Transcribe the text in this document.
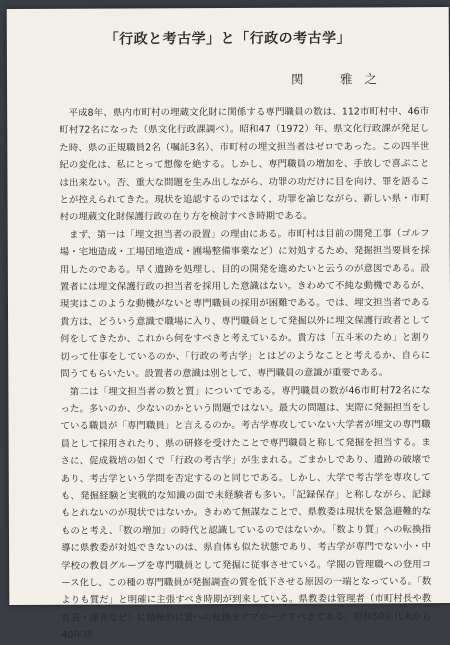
「行政と考古学」と「行政の考古学」
関　雅之

平成8年、県内市町村の埋蔵文化財に関係する専門職員の数は、112市町村中、46市町村72名になった（県文化行政課調べ）。昭和47（1972）年、県文化行政課が発足した時、県の正規職員2名（嘱託3名）、市町村の埋文担当者はゼロであった。この四半世紀の変化は、私にとって想像を絶する。しかし、専門職員の増加を、手放しで喜ぶことは出来ない。否、重大な問題を生み出しながら、功罪の功だけに目を向け、罪を語ることが控えられてきた。現状を追認するのではなく、功罪を論じながら、新しい県・市町村の埋蔵文化財保護行政の在り方を検討すべき時期である。

まず、第一は「埋文担当者の設置」の理由にある。市町村は目前の開発工事（ゴルフ場・宅地造成・工場団地造成・圃場整備事業など）に対処するため、発掘担当要員を採用したのである。早く遺跡を処理し、目的の開発を進めたいと云うのが意図である。設置者には埋文保護行政の担当者を採用した意識はない。きわめて不純な動機であるが、現実はこのような動機がないと専門職員の採用が困難である。では、埋文担当者である貴方は、どういう意識で職場に入り、専門職員として発掘以外に埋文保護行政者として何をしてきたか、これから何をすべきと考えているか。貴方は「五斗米のため」と割り切って仕事をしているのか、「行政の考古学」とはどのようなことと考えるか、自らに問うてもらいたい。設置者の意識は別として、専門職員の意識が重要である。

第二は「埋文担当者の数と質」についてである。専門職員の数が46市町村72名になった。多いのか、少ないのかという問題ではない。最大の問題は、実際に発掘担当をしている職員が「専門職員」と言えるのか。考古学専攻していない大学者が埋文の専門職員として採用されたり、県の研修を受けたことで専門職員と称して発掘を担当する。まさに、促成栽培の如くで「行政の考古学」が生まれる。ごまかしであり、遺跡の破壊であり、考古学という学問を否定するのと同じである。しかし、大学で考古学を専攻しても、発掘経験と実戦的な知識の面で未経験者も多い。「記録保存」と称しながら、記録もとれないのが現状ではないか。きわめて無謀なことで、県教委は現状を緊急避難的なものと考え、「数の増加」の時代と認識しているのではないか。「数より質」への転換指導に県教委が対処できないのは、県自体も似た状態であり、考古学が専門でない小・中学校の教員グループを専門職員として発掘に従事させている。学閥の管理職への登用コース化し、この種の専門職員が発掘調査の質を低下させる原因の一端となっている。「数よりも質だ」と明確に主張すべき時期が到来している。県教委は管理者（市町村長や教育長・課長など）に積極的に質への転換をアプローチすべきである。昭和50年代末から40年初
